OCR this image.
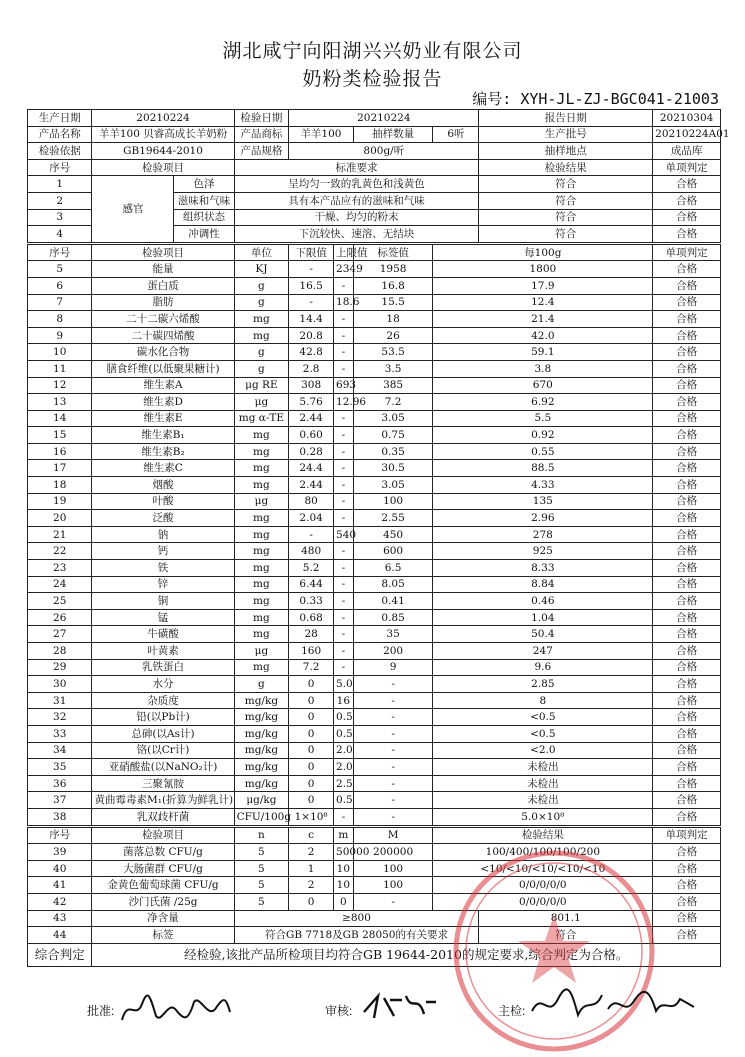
湖北咸宁向阳湖兴兴奶业有限公司
奶粉类检验报告
编号: XYH-JL-ZJ-BGC041-21003
生产日期	20210224		检验日期	20210224				报告日期	20210304
产品名称	羊羊100 贝睿高成长羊奶粉		产品商标	羊羊100		抽样数量	6听	生产批号	20210224A01
检验依据	GB19644-2010		产品规格	800g/听				抽样地点	成品库
序号	检验项目		标准要求					检验结果	单项判定
1	感官	色泽	呈均匀一致的乳黄色和浅黄色					符合	合格
2		滋味和气味	具有本产品应有的滋味和气味					符合	合格
3		组织状态	干燥、均匀的粉末					符合	合格
4		冲调性	下沉较快、速溶、无结块					符合	合格
序号	检验项目		单位	下限值	上限值	标签值	每100g		单项判定
5	能量		KJ	-	2349	1958	1800		合格
6	蛋白质		g	16.5	-	16.8	17.9		合格
7	脂肪		g	-	18.6	15.5	12.4		合格
8	二十二碳六烯酸		mg	14.4	-	18	21.4		合格
9	二十碳四烯酸		mg	20.8	-	26	42.0		合格
10	碳水化合物		g	42.8	-	53.5	59.1		合格
11	膳食纤维(以低聚果糖计)		g	2.8	-	3.5	3.8		合格
12	维生素A		μg RE	308	693	385	670		合格
13	维生素D		μg	5.76	12.96	7.2	6.92		合格
14	维生素E		mg α-TE	2.44	-	3.05	5.5		合格
15	维生素B₁		mg	0.60	-	0.75	0.92		合格
16	维生素B₂		mg	0.28	-	0.35	0.55		合格
17	维生素C		mg	24.4	-	30.5	88.5		合格
18	烟酸		mg	2.44	-	3.05	4.33		合格
19	叶酸		μg	80	-	100	135		合格
20	泛酸		mg	2.04	-	2.55	2.96		合格
21	钠		mg	-	540	450	278		合格
22	钙		mg	480	-	600	925		合格
23	铁		mg	5.2	-	6.5	8.33		合格
24	锌		mg	6.44	-	8.05	8.84		合格
25	铜		mg	0.33	-	0.41	0.46		合格
26	锰		mg	0.68	-	0.85	1.04		合格
27	牛磺酸		mg	28	-	35	50.4		合格
28	叶黄素		μg	160	-	200	247		合格
29	乳铁蛋白		mg	7.2	-	9	9.6		合格
30	水分		g	0	5.0	-	2.85		合格
31	杂质度		mg/kg	0	16	-	8		合格
32	铅(以Pb计)		mg/kg	0	0.5	-	<0.5		合格
33	总砷(以As计)		mg/kg	0	0.5	-	<0.5		合格
34	铬(以Cr计)		mg/kg	0	2.0	-	<2.0		合格
35	亚硝酸盐(以NaNO₂计)		mg/kg	0	2.0	-	未检出		合格
36	三聚氰胺		mg/kg	0	2.5	-	未检出		合格
37	黄曲霉毒素M₁(折算为鲜乳计)		μg/kg	0	0.5	-	未检出		合格
38	乳双歧杆菌		CFU/100g	1×10⁸	-	-	5.0×10⁸		合格
序号	检验项目		n	c	m	M	检验结果		单项判定
39	菌落总数 CFU/g		5	2	50000	200000	100/400/100/100/200		合格
40	大肠菌群 CFU/g		5	1	10	100	<10/<10/<10/<10/<10		合格
41	金黄色葡萄球菌 CFU/g		5	2	10	100	0/0/0/0/0		合格
42	沙门氏菌 /25g		5	0	0	-	0/0/0/0/0		合格
43	净含量		≥800					801.1	合格
44	标签		符合GB 7718及GB 28050的有关要求					符合	合格
综合判定	经检验,该批产品所检项目均符合GB 19644-2010的规定要求,综合判定为合格。								
批准:	审核:	主检:
